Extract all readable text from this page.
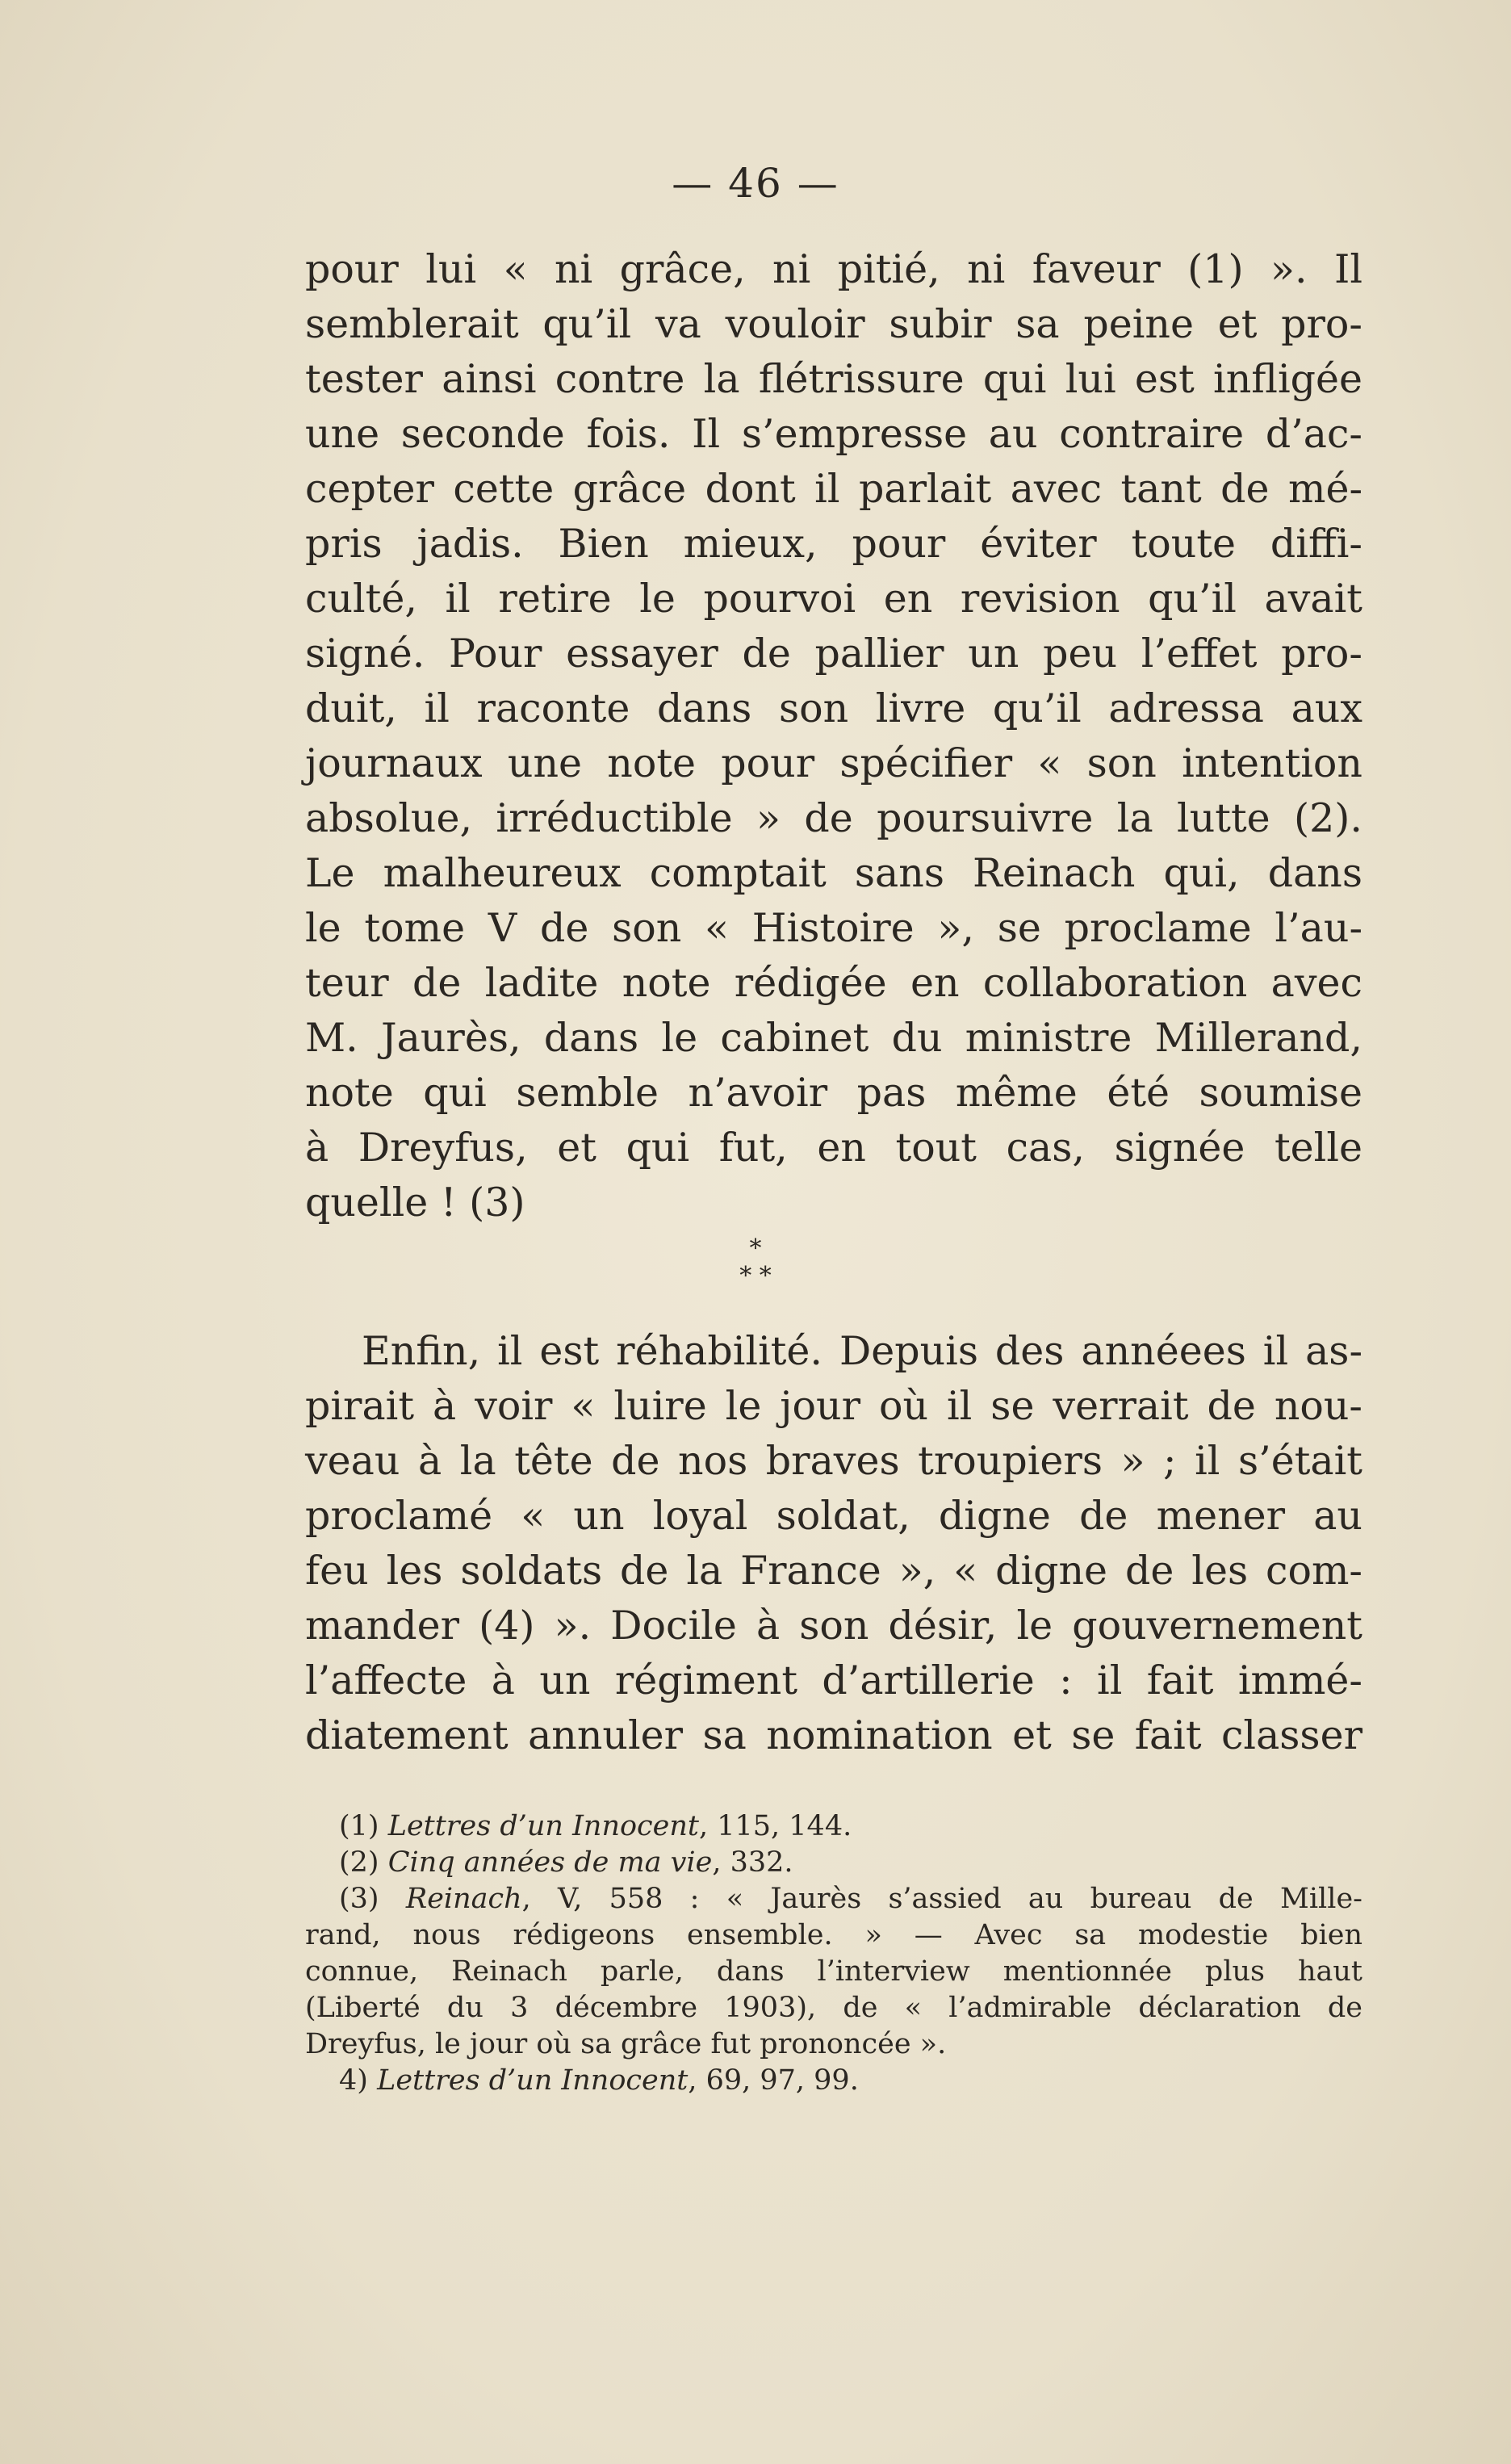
— 46 —
pour lui « ni grâce, ni pitié, ni faveur (1) ». Il
semblerait qu’il va vouloir subir sa peine et pro-
tester ainsi contre la flétrissure qui lui est infligée
une seconde fois. Il s’empresse au contraire d’ac-
cepter cette grâce dont il parlait avec tant de mé-
pris jadis. Bien mieux, pour éviter toute diffi-
culté, il retire le pourvoi en revision qu’il avait
signé. Pour essayer de pallier un peu l’effet pro-
duit, il raconte dans son livre qu’il adressa aux
journaux une note pour spécifier « son intention
absolue, irréductible » de poursuivre la lutte (2).
Le malheureux comptait sans Reinach qui, dans
le tome V de son « Histoire », se proclame l’au-
teur de ladite note rédigée en collaboration avec
M. Jaurès, dans le cabinet du ministre Millerand,
note qui semble n’avoir pas même été soumise
à Dreyfus, et qui fut, en tout cas, signée telle
quelle ! (3)
*
* *
Enfin, il est réhabilité. Depuis des annéees il as-
pirait à voir « luire le jour où il se verrait de nou-
veau à la tête de nos braves troupiers » ; il s’était
proclamé « un loyal soldat, digne de mener au
feu les soldats de la France », « digne de les com-
mander (4) ». Docile à son désir, le gouvernement
l’affecte à un régiment d’artillerie : il fait immé-
diatement annuler sa nomination et se fait classer
(1) Lettres d’un Innocent, 115, 144.
(2) Cinq années de ma vie, 332.
(3) Reinach, V, 558 : « Jaurès s’assied au bureau de Mille-
rand, nous rédigeons ensemble. » — Avec sa modestie bien
connue, Reinach parle, dans l’interview mentionnée plus haut
(Liberté du 3 décembre 1903), de « l’admirable déclaration de
Dreyfus, le jour où sa grâce fut prononcée ».
4) Lettres d’un Innocent, 69, 97, 99.
